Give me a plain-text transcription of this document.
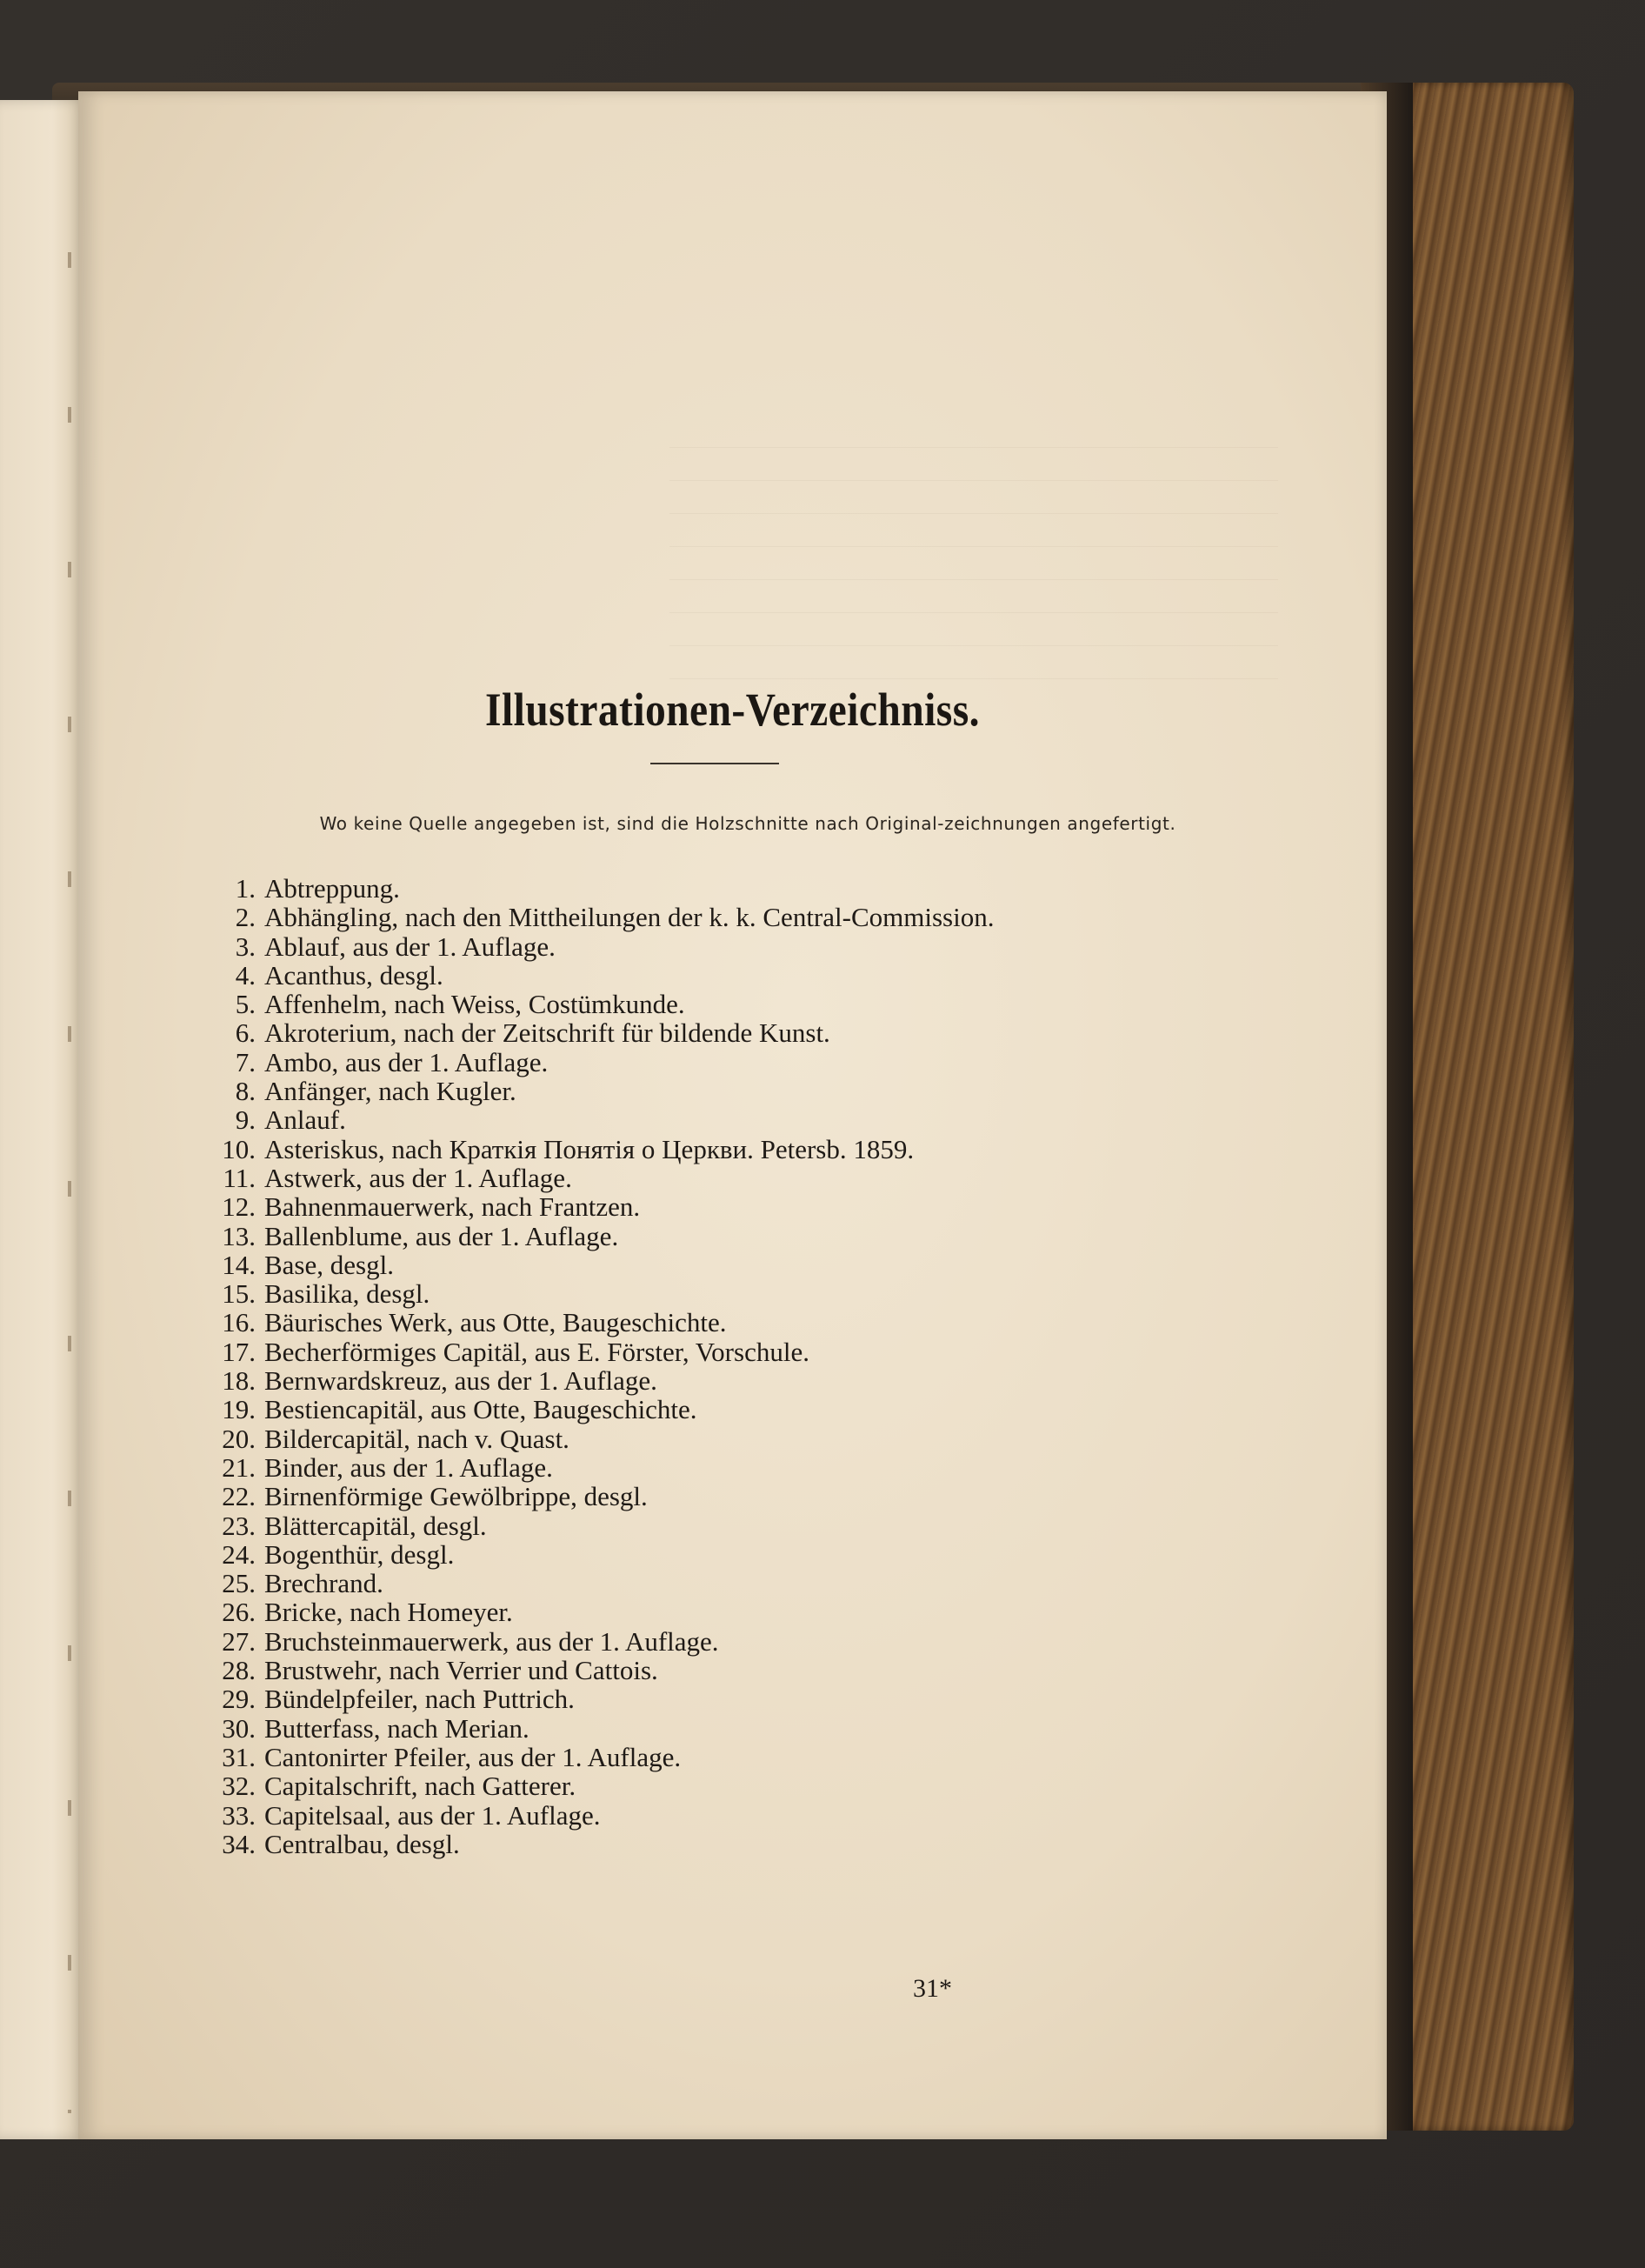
Illustrationen-Verzeichniss.
Wo keine Quelle angegeben ist, sind die Holzschnitte nach Original-zeichnungen angefertigt.
1. Abtreppung.
2. Abhängling, nach den Mittheilungen der k. k. Central-Commission.
3. Ablauf, aus der 1. Auflage.
4. Acanthus, desgl.
5. Affenhelm, nach Weiss, Costümkunde.
6. Akroterium, nach der Zeitschrift für bildende Kunst.
7. Ambo, aus der 1. Auflage.
8. Anfänger, nach Kugler.
9. Anlauf.
10. Asteriskus, nach Краткія Понятія о Церкви. Petersb. 1859.
11. Astwerk, aus der 1. Auflage.
12. Bahnenmauerwerk, nach Frantzen.
13. Ballenblume, aus der 1. Auflage.
14. Base, desgl.
15. Basilika, desgl.
16. Bäurisches Werk, aus Otte, Baugeschichte.
17. Becherförmiges Capitäl, aus E. Förster, Vorschule.
18. Bernwardskreuz, aus der 1. Auflage.
19. Bestiencapitäl, aus Otte, Baugeschichte.
20. Bildercapitäl, nach v. Quast.
21. Binder, aus der 1. Auflage.
22. Birnenförmige Gewölbrippe, desgl.
23. Blättercapitäl, desgl.
24. Bogenthür, desgl.
25. Brechrand.
26. Bricke, nach Homeyer.
27. Bruchsteinmauerwerk, aus der 1. Auflage.
28. Brustwehr, nach Verrier und Cattois.
29. Bündelpfeiler, nach Puttrich.
30. Butterfass, nach Merian.
31. Cantonirter Pfeiler, aus der 1. Auflage.
32. Capitalschrift, nach Gatterer.
33. Capitelsaal, aus der 1. Auflage.
34. Centralbau, desgl.
31*
